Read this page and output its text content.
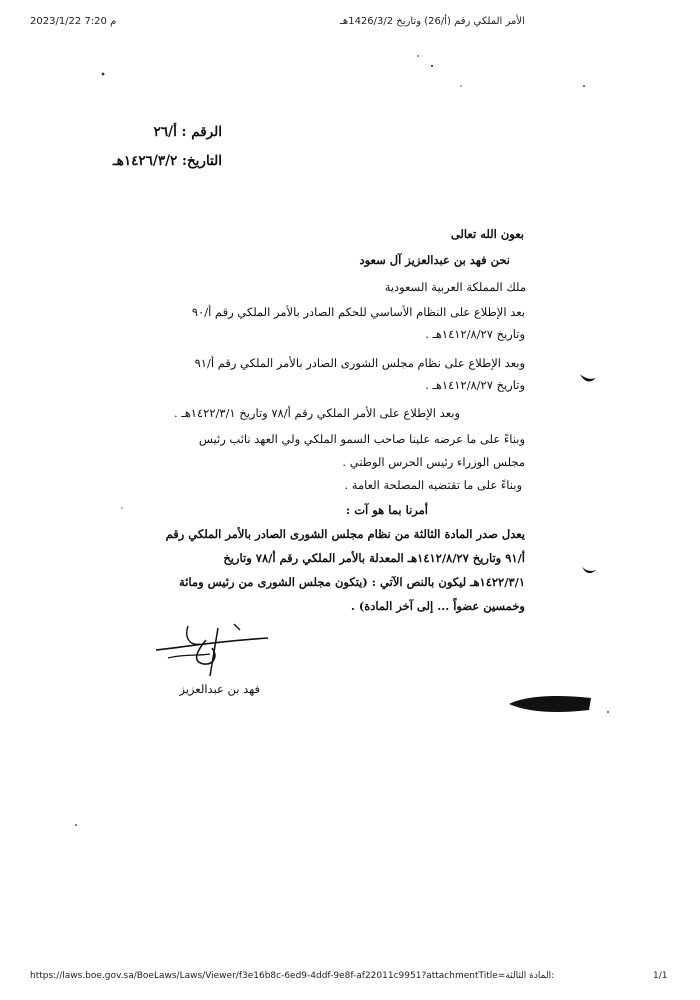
2023/1/22 7:20 م	الأمر الملكي رقم (أ/26) وتاريخ 1426/3/2هـ
الرقم : أ/٢٦
التاريخ: ١٤٢٦/٣/٢هـ
بعون الله تعالى
نحن فهد بن عبدالعزيز آل سعود
ملك المملكة العربية السعودية
بعد الإطلاع على النظام الأساسي للحكم الصادر بالأمر الملكي رقم أ/٩٠
وتاريخ ١٤١٢/٨/٢٧هـ .
وبعد الإطلاع على نظام مجلس الشورى الصادر بالأمر الملكي رقم أ/٩١
وتاريخ ١٤١٢/٨/٢٧هـ .
وبعد الإطلاع على الأمر الملكي رقم أ/٧٨ وتاريخ ١٤٢٢/٣/١هـ .
وبناءً على ما عرضه علينا صاحب السمو الملكي ولي العهد نائب رئيس
مجلس الوزراء رئيس الحرس الوطني .
وبناءً على ما تقتضيه المصلحة العامة .
أمرنا بما هو آت :
يعدل صدر المادة الثالثة من نظام مجلس الشورى الصادر بالأمر الملكي رقم
أ/٩١ وتاريخ ١٤١٢/٨/٢٧هـ المعدلة بالأمر الملكي رقم أ/٧٨ وتاريخ
١٤٢٢/٣/١هـ ليكون بالنص الآتي : (يتكون مجلس الشورى من رئيس ومائة
وخمسين عضواً ... إلى آخر المادة) .
فهد بن عبدالعزيز
https://laws.boe.gov.sa/BoeLaws/Laws/Viewer/f3e16b8c-6ed9-4ddf-9e8f-af22011c9951?attachmentTitle=المادة الثالثة:	1/1
